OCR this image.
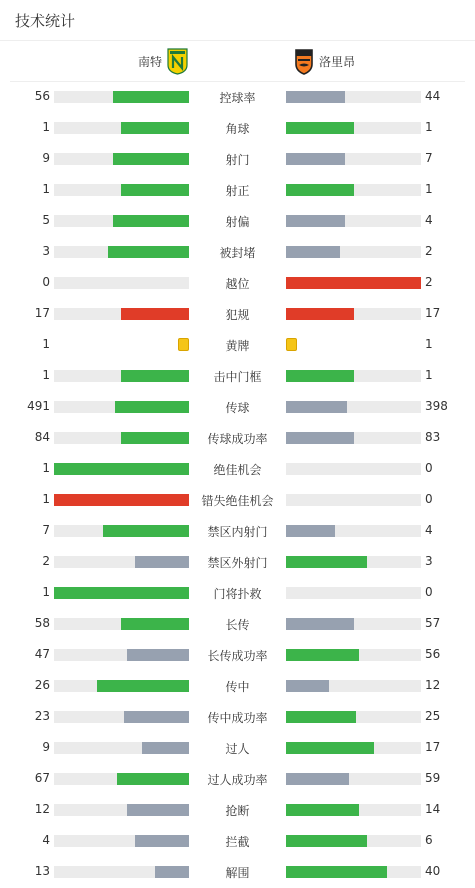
技术统计
南特	洛里昂
56	控球率	44
1	角球	1
9	射门	7
1	射正	1
5	射偏	4
3	被封堵	2
0	越位	2
17	犯规	17
1	黄牌	1
1	击中门框	1
491	传球	398
84	传球成功率	83
1	绝佳机会	0
1	错失绝佳机会	0
7	禁区内射门	4
2	禁区外射门	3
1	门将扑救	0
58	长传	57
47	长传成功率	56
26	传中	12
23	传中成功率	25
9	过人	17
67	过人成功率	59
12	抢断	14
4	拦截	6
13	解围	40
